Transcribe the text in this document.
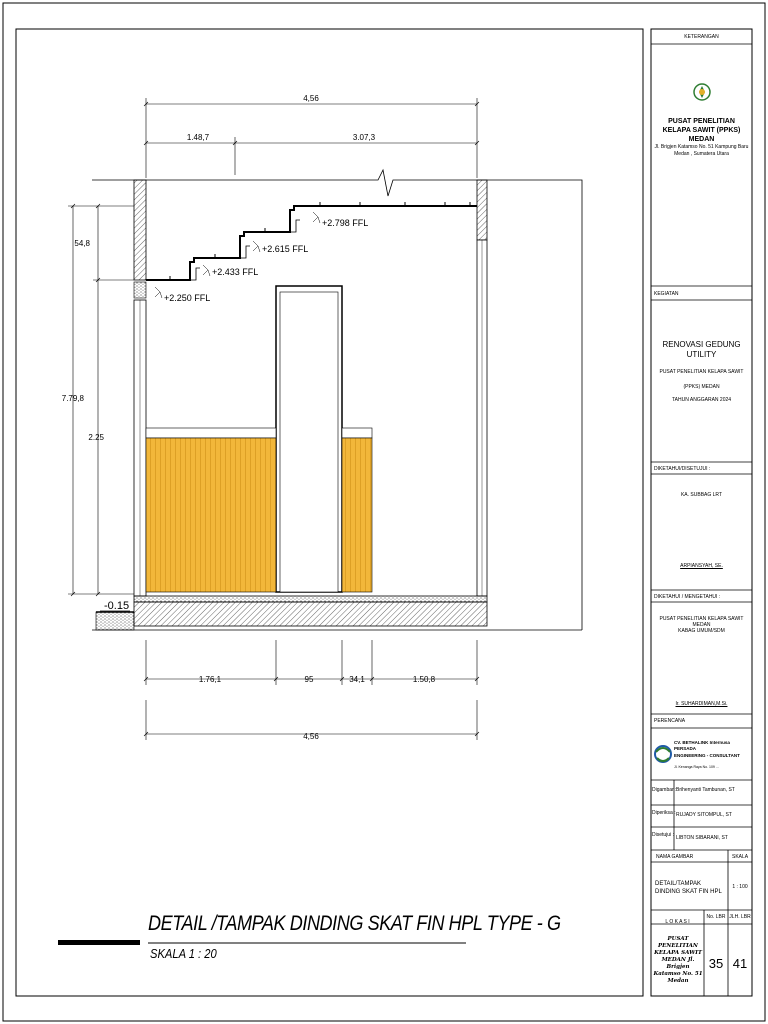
4,56
1.48,7	3.07,3
54,8
7.79,8
2.25
1.76,1	95	34,1	1.50,8
4,56
+2.250 FFL
+2.433 FFL
+2.615 FFL
+2.798 FFL
-0.15
DETAIL /TAMPAK DINDING SKAT FIN HPL TYPE - G
SKALA 1 : 20
KETERANGAN
PUSAT PENELITIAN KELAPA SAWIT (PPKS) MEDAN
Jl. Brigjen Katamso No. 51 Kampung Baru
Medan , Sumatera Utara
KEGIATAN
RENOVASI GEDUNG UTILITY
PUSAT PENELITIAN KELAPA SAWIT
(PPKS) MEDAN
TAHUN ANGGARAN 2024
DIKETAHUI/DISETUJUI :
KA. SUBBAG LRT
ARPIANSYAH, SE.
DIKETAHUI / MENGETAHUI :
PUSAT PENELITIAN KELAPA SAWIT MEDAN
KABAG UMUM/SDM
Ir. SUHARDIMAN,M.Si.
PERENCANA
CV. BETHALINK Internusa PERSADA
ENGINEERING - CONSULTANT
Jl. Kenanga Raya No. 109 ...
Digambar : Brihenyanti Tambunan, ST
Diperiksa : RUJADY SITOMPUL, ST
Disetujui : LIBTON SIBARANI, ST
NAMA GAMBAR	SKALA
DETAIL/TAMPAK DINDING SKAT FIN HPL
1 : 100
L O K A S I
No. LBR JLH. LBR
PUSAT PENELITIAN KELAPA SAWIT MEDAN Jl. Brigjen Katamso No. 51 Medan
35 41
